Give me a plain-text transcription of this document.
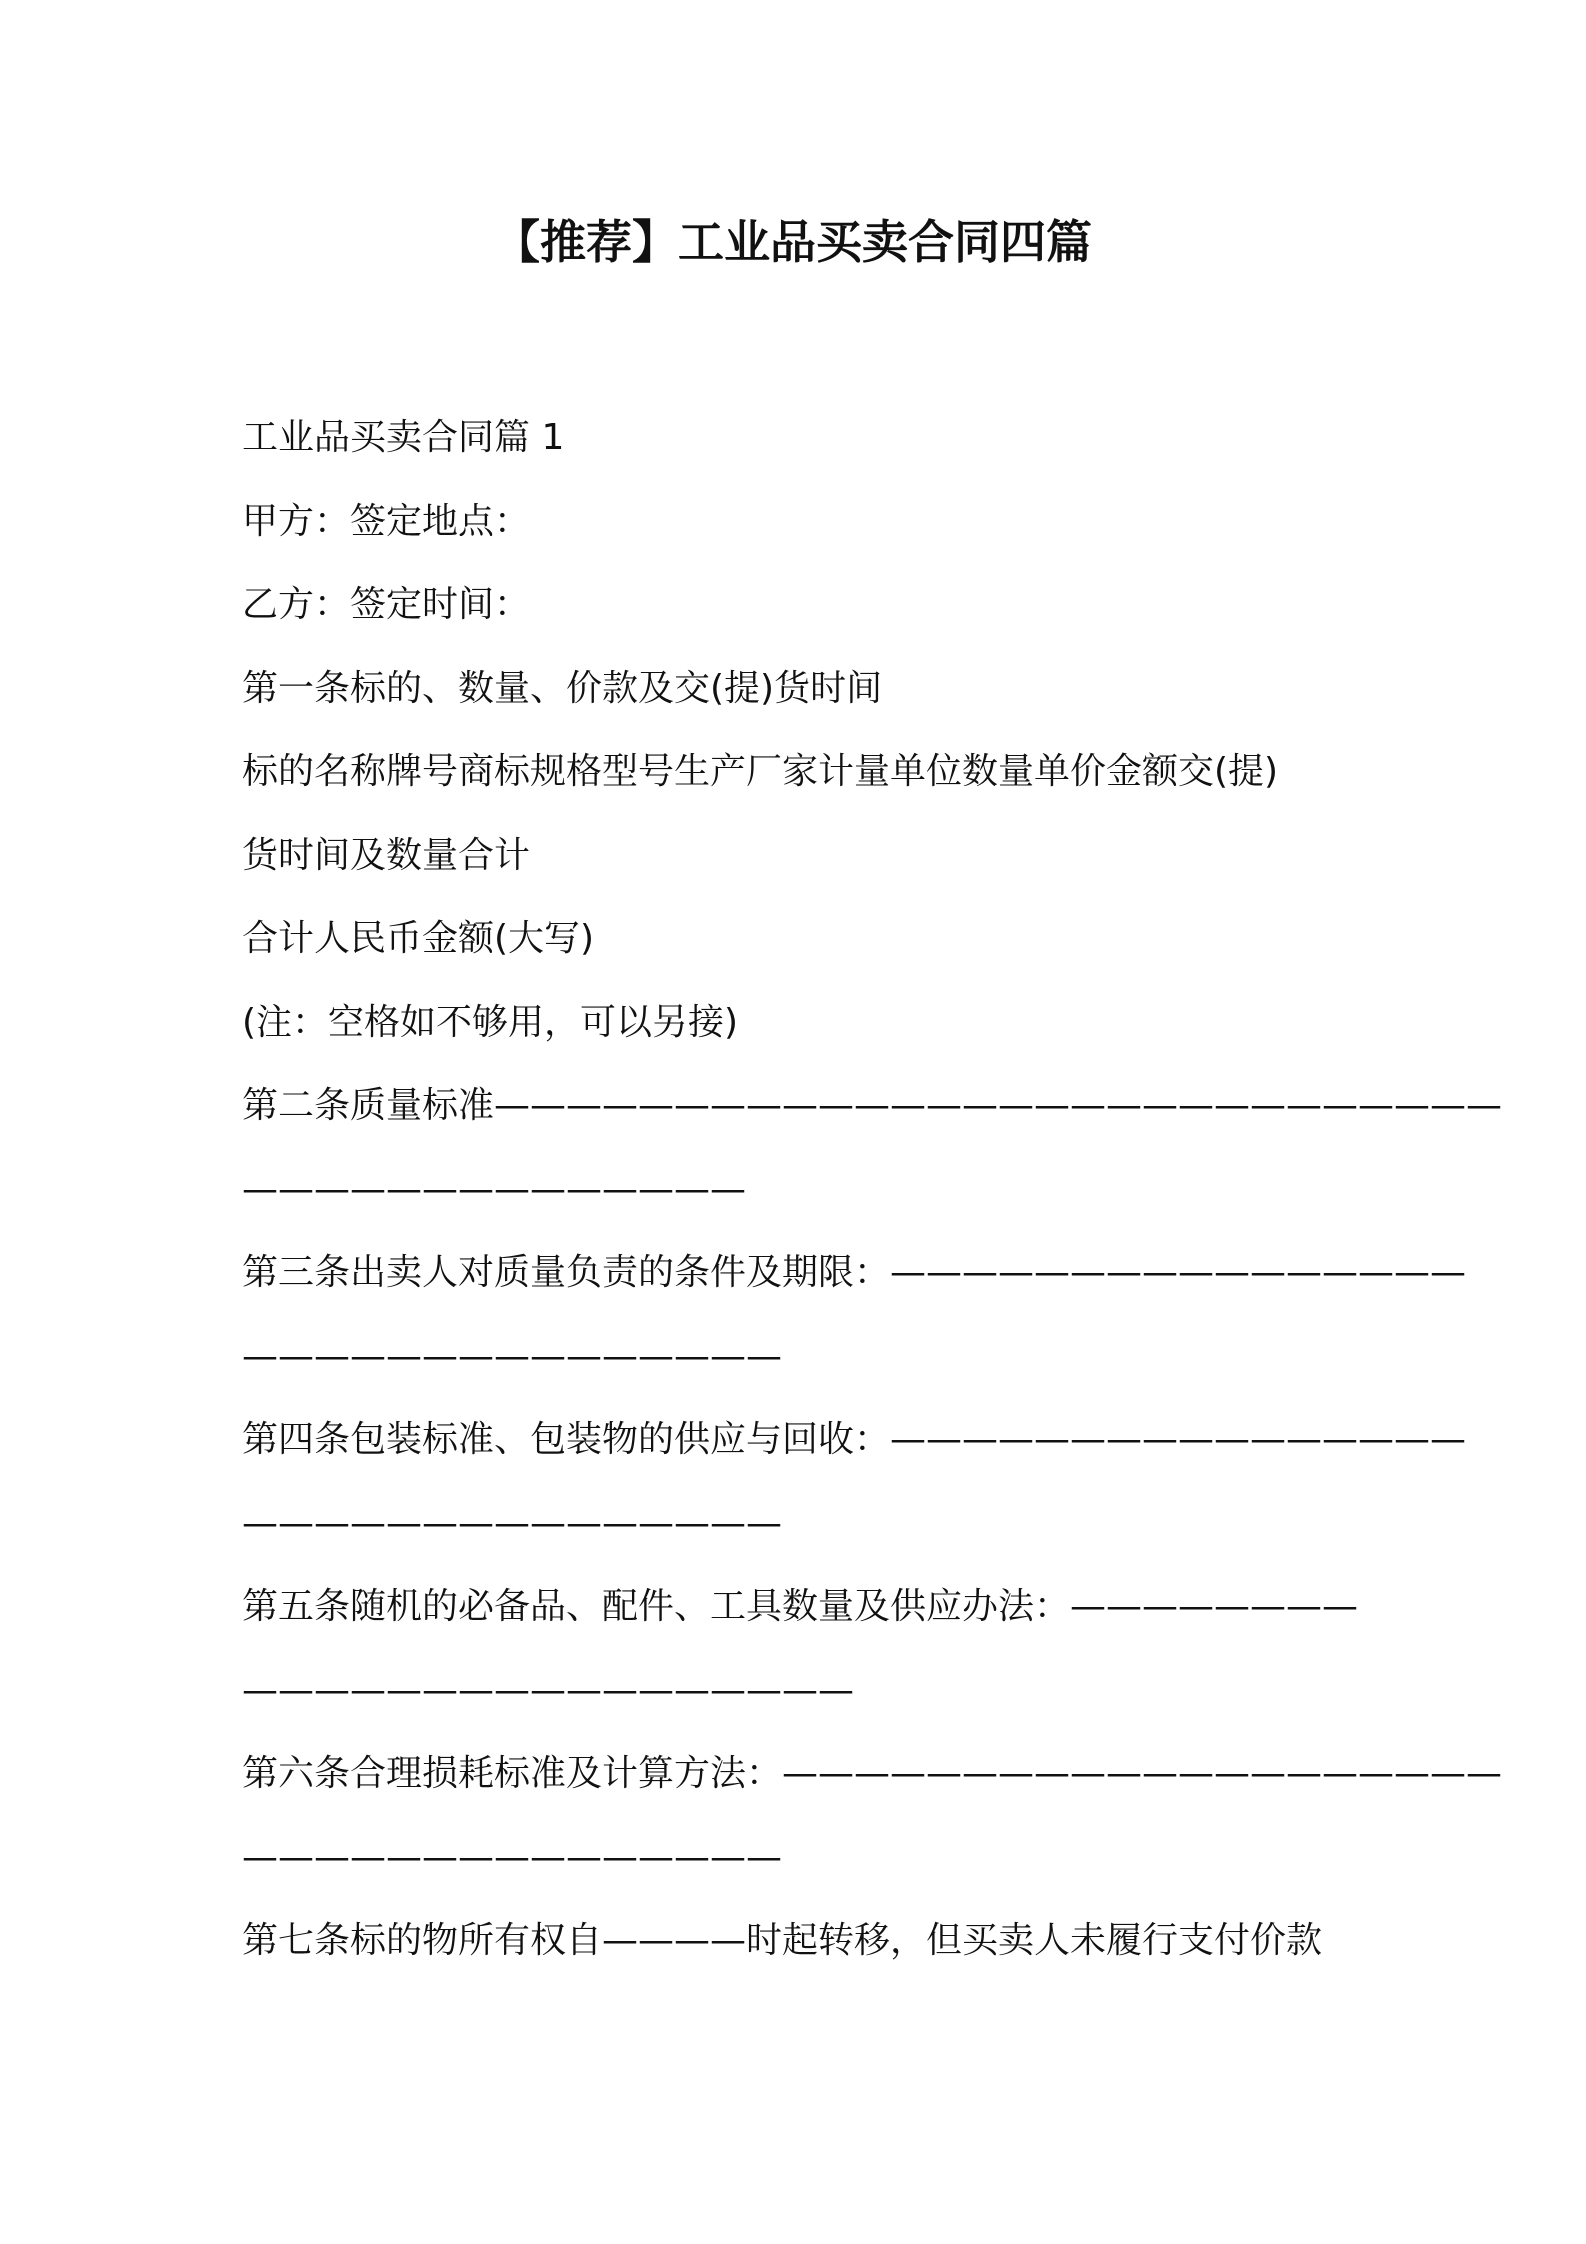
【推荐】工业品买卖合同四篇
工业品买卖合同篇 1
甲方：签定地点：
乙方：签定时间：
第一条标的、数量、价款及交(提)货时间
标的名称牌号商标规格型号生产厂家计量单位数量单价金额交(提)
货时间及数量合计
合计人民币金额(大写)
(注：空格如不够用，可以另接)
第二条质量标准————————————————————————————
——————————————
第三条出卖人对质量负责的条件及期限：————————————————
———————————————
第四条包装标准、包装物的供应与回收：————————————————
———————————————
第五条随机的必备品、配件、工具数量及供应办法：————————
—————————————————
第六条合理损耗标准及计算方法：————————————————————
———————————————
第七条标的物所有权自————时起转移，但买卖人未履行支付价款
